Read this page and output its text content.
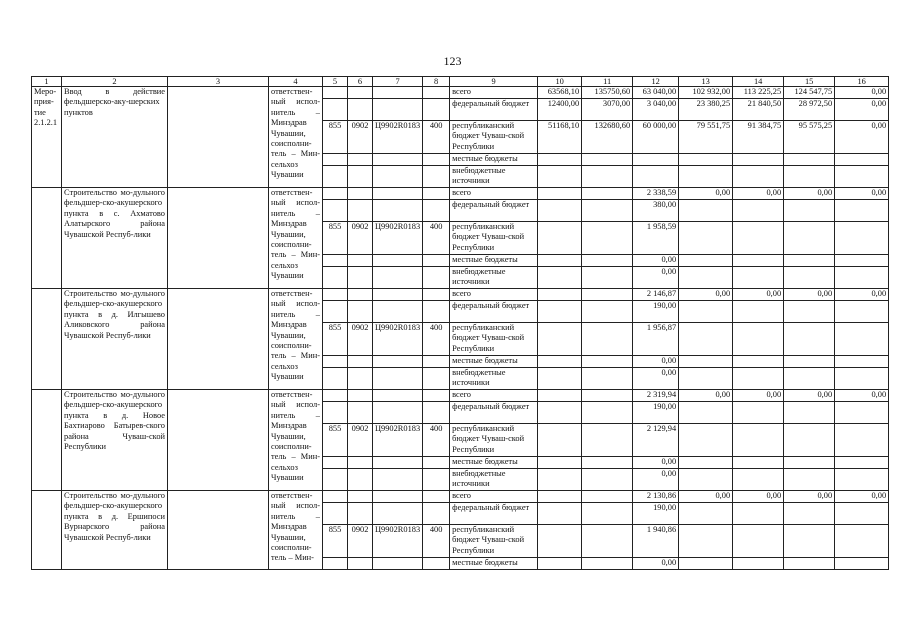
123
1	2	3	4	5	6	7	8	9	10	11	12	13	14	15	16
Меро-
прия-
тие
2.1.2.1	Ввод в действие фельдшерско-аку-шерских пунктов		ответствен-ный испол-нитель – Минздрав Чувашии, соисполни-тель – Мин-сельхоз Чувашии					всего	63568,10	135750,60	63 040,00	102 932,00	113 225,25	124 547,75	0,00
								федеральный бюджет	12400,00	3070,00	3 040,00	23 380,25	21 840,50	28 972,50	0,00
				855	0902	Ц9902R0183	400	республиканский бюджет Чуваш-ской Республики	51168,10	132680,60	60 000,00	79 551,75	91 384,75	95 575,25	0,00
								местные бюджеты							
								внебюджетные источники							
	Строительство мо-дульного фельдшер-ско-акушерского пункта в с. Ахматово Алатырского района Чувашской Респуб-лики		ответствен-ный испол-нитель – Минздрав Чувашии, соисполни-тель – Мин-сельхоз Чувашии					всего			2 338,59	0,00	0,00	0,00	0,00
								федеральный бюджет			380,00				
				855	0902	Ц9902R0183	400	республиканский бюджет Чуваш-ской Республики			1 958,59				
								местные бюджеты			0,00				
								внебюджетные источники			0,00				
	Строительство мо-дульного фельдшер-ско-акушерского пункта в д. Илгышево Аликовского района Чувашской Респуб-лики		ответствен-ный испол-нитель – Минздрав Чувашии, соисполни-тель – Мин-сельхоз Чувашии					всего			2 146,87	0,00	0,00	0,00	0,00
								федеральный бюджет			190,00				
				855	0902	Ц9902R0183	400	республиканский бюджет Чуваш-ской Республики			1 956,87				
								местные бюджеты			0,00				
								внебюджетные источники			0,00				
	Строительство мо-дульного фельдшер-ско-акушерского пункта в д. Новое Бахтиарово Батырев-ского района Чуваш-ской Республики		ответствен-ный испол-нитель – Минздрав Чувашии, соисполни-тель – Мин-сельхоз Чувашии					всего			2 319,94	0,00	0,00	0,00	0,00
								федеральный бюджет			190,00				
				855	0902	Ц9902R0183	400	республиканский бюджет Чуваш-ской Республики			2 129,94				
								местные бюджеты			0,00				
								внебюджетные источники			0,00				
	Строительство мо-дульного фельдшер-ско-акушерского пункта в д. Ершипоси Вурнарского района Чувашской Респуб-лики		ответствен-ный испол-нитель – Минздрав Чувашии, соисполни-тель – Мин-					всего			2 130,86	0,00	0,00	0,00	0,00
								федеральный бюджет			190,00				
				855	0902	Ц9902R0183	400	республиканский бюджет Чуваш-ской Республики			1 940,86				
								местные бюджеты			0,00				
